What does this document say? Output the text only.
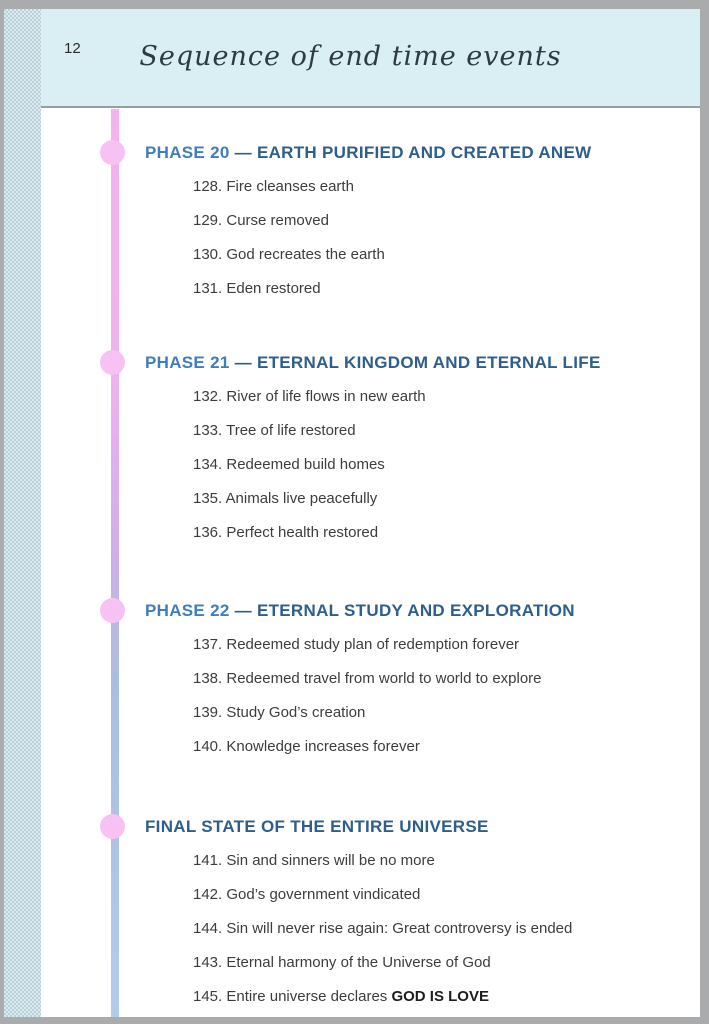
12	Sequence of end time events
PHASE 20 — EARTH PURIFIED AND CREATED ANEW
128. Fire cleanses earth
129. Curse removed
130. God recreates the earth
131. Eden restored
PHASE 21 — ETERNAL KINGDOM AND ETERNAL LIFE
132. River of life flows in new earth
133. Tree of life restored
134. Redeemed build homes
135. Animals live peacefully
136. Perfect health restored
PHASE 22 — ETERNAL STUDY AND EXPLORATION
137. Redeemed study plan of redemption forever
138. Redeemed travel from world to world to explore
139. Study God’s creation
140. Knowledge increases forever
FINAL STATE OF THE ENTIRE UNIVERSE
141. Sin and sinners will be no more
142. God’s government vindicated
144. Sin will never rise again: Great controversy is ended
143. Eternal harmony of the Universe of God
145. Entire universe declares GOD IS LOVE
